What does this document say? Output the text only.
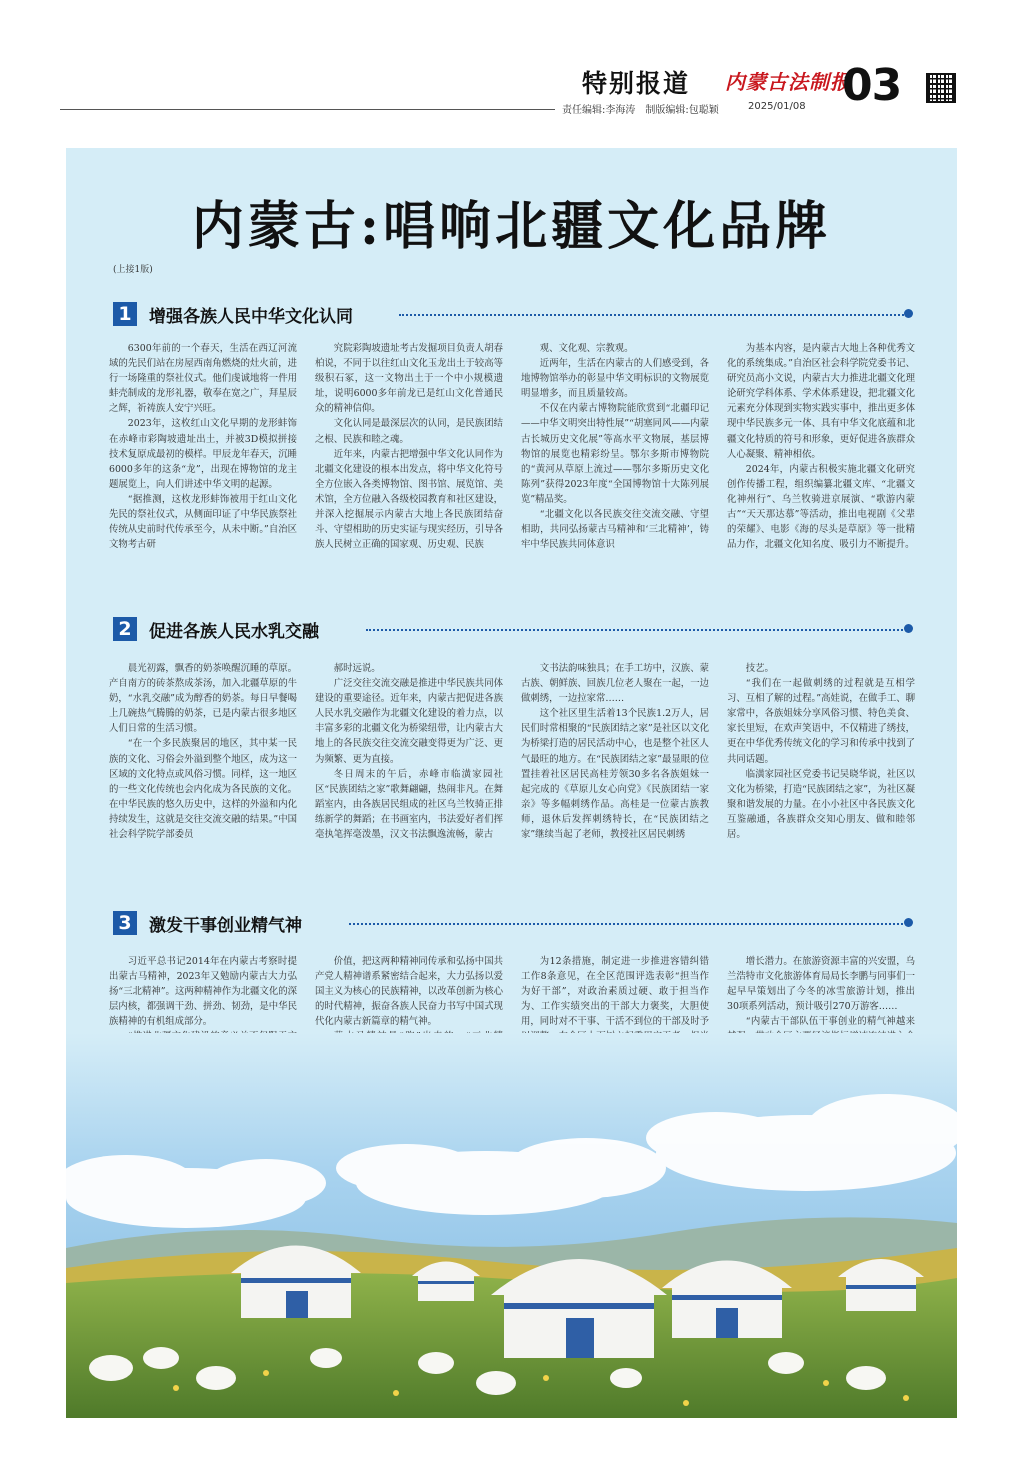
特别报道 内蒙古法制报
03
责任编辑:李海涛　制版编辑:包聪颖	2025/01/08
内蒙古:唱响北疆文化品牌
(上接1版)
1	增强各族人民中华文化认同

6300年前的一个春天，生活在西辽河流域的先民们站在房屋西南角燃烧的灶火前，进行一场隆重的祭社仪式。他们虔诚地将一件用蚌壳制成的龙形礼器，敬奉在宽之广，拜星辰之辉，祈祷族人安宁兴旺。

2023年，这枚红山文化早期的龙形蚌饰在赤峰市彩陶坡遗址出土，并被3D模拟拼接技术复原成最初的模样。甲辰龙年春天，沉睡6000多年的这条“龙”，出现在博物馆的龙主题展览上，向人们讲述中华文明的起源。

“据推测，这枚龙形蚌饰被用于红山文化先民的祭社仪式，从侧面印证了中华民族祭社传统从史前时代传承至今，从未中断。”自治区文物考古研

究院彩陶坡遗址考古发掘项目负责人胡春柏说，不同于以往红山文化玉龙出土于较高等级积石冢，这一文物出土于一个中小规模遗址，说明6000多年前龙已是红山文化普通民众的精神信仰。

文化认同是最深层次的认同，是民族团结之根、民族和睦之魂。

近年来，内蒙古把增强中华文化认同作为北疆文化建设的根本出发点，将中华文化符号全方位嵌入各类博物馆、图书馆、展览馆、美术馆，全方位融入各级校园教育和社区建设，并深入挖掘展示内蒙古大地上各民族团结奋斗、守望相助的历史实证与现实经历，引导各族人民树立正确的国家观、历史观、民族

观、文化观、宗教观。

近两年，生活在内蒙古的人们感受到，各地博物馆举办的彰显中华文明标识的文物展览明显增多，而且质量较高。

不仅在内蒙古博物院能欣赏到“北疆印记——中华文明突出特性展”“胡塞同风——内蒙古长城历史文化展”等高水平文物展，基层博物馆的展览也精彩纷呈。鄂尔多斯市博物院的“黄河从草原上流过——鄂尔多斯历史文化陈列”获得2023年度“全国博物馆十大陈列展览”精品奖。

“北疆文化以各民族交往交流交融、守望相助，共同弘扬蒙古马精神和‘三北精神’，铸牢中华民族共同体意识

为基本内容，是内蒙古大地上各种优秀文化的系统集成。”自治区社会科学院党委书记、研究员高小文说，内蒙古大力推进北疆文化理论研究学科体系、学术体系建设，把北疆文化元素充分体现到实物实践实事中，推出更多体现中华民族多元一体、具有中华文化底蕴和北疆文化特质的符号和形象，更好促进各族群众人心凝聚、精神相依。

2024年，内蒙古积极实施北疆文化研究创作传播工程，组织编纂北疆文库、“北疆文化神州行”、乌兰牧骑进京展演、“歌游内蒙古”“天天那达慕”等活动，推出电视剧《父辈的荣耀》、电影《海的尽头是草原》等一批精品力作，北疆文化知名度、吸引力不断提升。

2	促进各族人民水乳交融

晨光初露，飘香的奶茶唤醒沉睡的草原。产自南方的砖茶熬成茶汤，加入北疆草原的牛奶，“水乳交融”成为醇香的奶茶。每日早餐喝上几碗热气腾腾的奶茶，已是内蒙古很多地区人们日常的生活习惯。

“在一个多民族聚居的地区，其中某一民族的文化、习俗会外溢到整个地区，成为这一区域的文化特点或风俗习惯。同样，这一地区的一些文化传统也会内化成为各民族的文化。在中华民族的悠久历史中，这样的外溢和内化持续发生，这就是交往交流交融的结果。”中国社会科学院学部委员

郝时远说。

广泛交往交流交融是推进中华民族共同体建设的重要途径。近年来，内蒙古把促进各族人民水乳交融作为北疆文化建设的着力点，以丰富多彩的北疆文化为桥梁纽带，让内蒙古大地上的各民族交往交流交融变得更为广泛、更为频繁、更为直接。

冬日周末的午后，赤峰市临潢家园社区“民族团结之家”歌舞翩翩，热闹非凡。在舞蹈室内，由各族居民组成的社区乌兰牧骑正排练新学的舞蹈；在书画室内，书法爱好者们挥毫执笔挥毫泼墨，汉文书法飘逸流畅，蒙古

文书法韵味独具；在手工坊中，汉族、蒙古族、朝鲜族、回族几位老人聚在一起，一边做刺绣，一边拉家常……

这个社区里生活着13个民族1.2万人，居民们时常相聚的“民族团结之家”是社区以文化为桥梁打造的居民活动中心，也是整个社区人气最旺的地方。在“民族团结之家”最显眼的位置挂着社区居民高桂芳领30多名各族姐妹一起完成的《草原儿女心向党》《民族团结一家亲》等多幅刺绣作品。高桂是一位蒙古族教师，退休后发挥刺绣特长，在“民族团结之家”继续当起了老师，教授社区居民刺绣

技艺。

“我们在一起做刺绣的过程就是互相学习、互相了解的过程。”高娃说，在做手工、聊家常中，各族姐妹分享风俗习惯、特色美食、家长里短，在欢声笑语中，不仅精进了绣技，更在中华优秀传统文化的学习和传承中找到了共同话题。

临潢家园社区党委书记吴晓华说，社区以文化为桥梁，打造“民族团结之家”，为社区凝聚和谐发展的力量。在小小社区中各民族文化互鉴融通，各族群众交知心朋友、做和睦邻居。

3	激发干事创业精气神

习近平总书记2014年在内蒙古考察时提出蒙古马精神，2023年又勉励内蒙古大力弘扬“三北精神”。这两种精神作为北疆文化的深层内核，都强调干劲、拼劲、韧劲，是中华民族精神的有机组成部分。

价值，把这两种精神同传承和弘扬中国共产党人精神谱系紧密结合起来，大力弘扬以爱国主义为核心的民族精神，以改革创新为核心的时代精神，振奋各族人民奋力书写中国式现代化内蒙古新篇章的精气神。

为12条措施，制定进一步推进容错纠错工作8条意见，在全区范围评选表彰“担当作为好干部”，对政治素质过硬、敢于担当作为、工作实绩突出的干部大力褒奖，大胆使用，同时对不干事、干活不到位的干部及时予

增长潜力。在旅游资源丰富的兴安盟，乌兰浩特市文化旅游体育局局长李鹏与同事们一起早早策划出了今冬的冰雪旅游计划，推出30项系列活动，预计吸引270万游客……

“内蒙古干部队伍干事创业的精气神越来
